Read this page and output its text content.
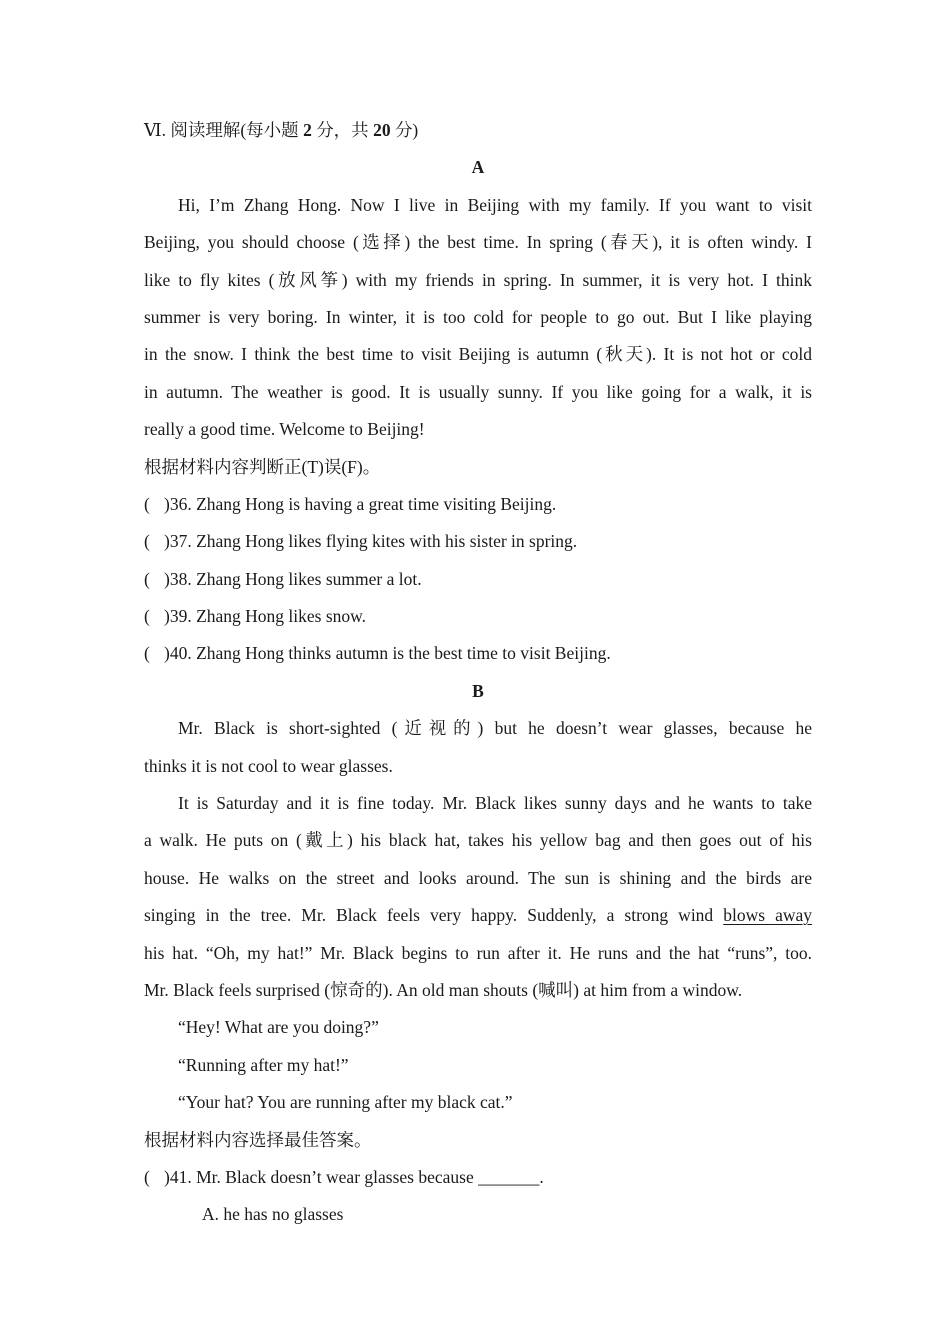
Ⅵ. 阅读理解(每小题 2 分，共 20 分)
A
Hi, I’m Zhang Hong. Now I live in Beijing with my family. If you want to visit
Beijing, you should choose (选择) the best time. In spring (春天), it is often windy. I
like to fly kites (放风筝) with my friends in spring. In summer, it is very hot. I think
summer is very boring. In winter, it is too cold for people to go out. But I like playing
in the snow. I think the best time to visit Beijing is autumn (秋天). It is not hot or cold
in autumn. The weather is good. It is usually sunny. If you like going for a walk, it is
really a good time. Welcome to Beijing!
根据材料内容判断正(T)误(F)。
( )36. Zhang Hong is having a great time visiting Beijing.
( )37. Zhang Hong likes flying kites with his sister in spring.
( )38. Zhang Hong likes summer a lot.
( )39. Zhang Hong likes snow.
( )40. Zhang Hong thinks autumn is the best time to visit Beijing.
B
Mr. Black is short-sighted (近视的) but he doesn’t wear glasses, because he
thinks it is not cool to wear glasses.
It is Saturday and it is fine today. Mr. Black likes sunny days and he wants to take
a walk. He puts on (戴上) his black hat, takes his yellow bag and then goes out of his
house. He walks on the street and looks around. The sun is shining and the birds are
singing in the tree. Mr. Black feels very happy. Suddenly, a strong wind blows away
his hat. “Oh, my hat!” Mr. Black begins to run after it. He runs and the hat “runs”, too.
Mr. Black feels surprised (惊奇的). An old man shouts (喊叫) at him from a window.
“Hey! What are you doing?”
“Running after my hat!”
“Your hat? You are running after my black cat.”
根据材料内容选择最佳答案。
( )41. Mr. Black doesn’t wear glasses because _______.
A. he has no glasses
